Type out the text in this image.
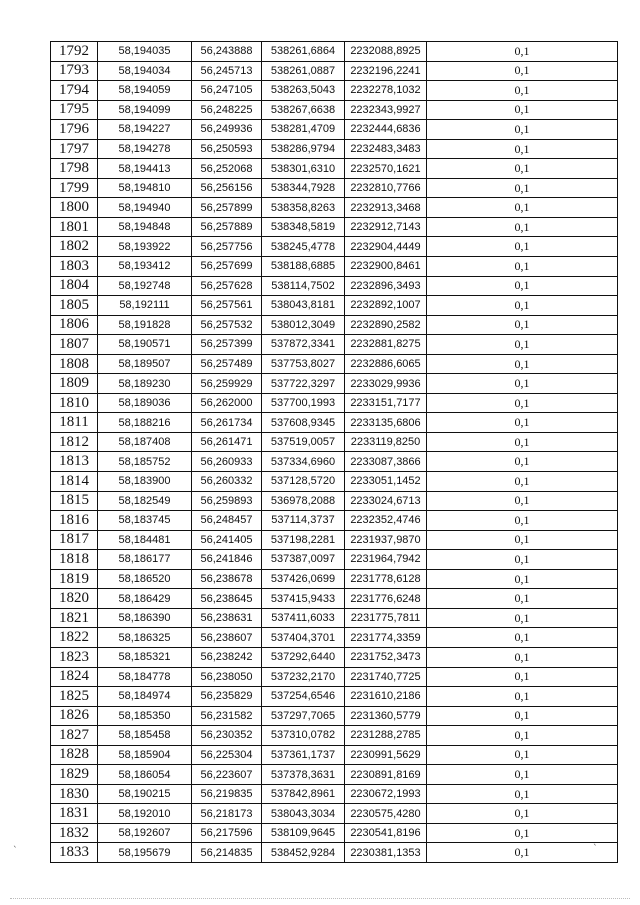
1792	58,194035	56,243888	538261,6864	2232088,8925	0,1
1793	58,194034	56,245713	538261,0887	2232196,2241	0,1
1794	58,194059	56,247105	538263,5043	2232278,1032	0,1
1795	58,194099	56,248225	538267,6638	2232343,9927	0,1
1796	58,194227	56,249936	538281,4709	2232444,6836	0,1
1797	58,194278	56,250593	538286,9794	2232483,3483	0,1
1798	58,194413	56,252068	538301,6310	2232570,1621	0,1
1799	58,194810	56,256156	538344,7928	2232810,7766	0,1
1800	58,194940	56,257899	538358,8263	2232913,3468	0,1
1801	58,194848	56,257889	538348,5819	2232912,7143	0,1
1802	58,193922	56,257756	538245,4778	2232904,4449	0,1
1803	58,193412	56,257699	538188,6885	2232900,8461	0,1
1804	58,192748	56,257628	538114,7502	2232896,3493	0,1
1805	58,192111	56,257561	538043,8181	2232892,1007	0,1
1806	58,191828	56,257532	538012,3049	2232890,2582	0,1
1807	58,190571	56,257399	537872,3341	2232881,8275	0,1
1808	58,189507	56,257489	537753,8027	2232886,6065	0,1
1809	58,189230	56,259929	537722,3297	2233029,9936	0,1
1810	58,189036	56,262000	537700,1993	2233151,7177	0,1
1811	58,188216	56,261734	537608,9345	2233135,6806	0,1
1812	58,187408	56,261471	537519,0057	2233119,8250	0,1
1813	58,185752	56,260933	537334,6960	2233087,3866	0,1
1814	58,183900	56,260332	537128,5720	2233051,1452	0,1
1815	58,182549	56,259893	536978,2088	2233024,6713	0,1
1816	58,183745	56,248457	537114,3737	2232352,4746	0,1
1817	58,184481	56,241405	537198,2281	2231937,9870	0,1
1818	58,186177	56,241846	537387,0097	2231964,7942	0,1
1819	58,186520	56,238678	537426,0699	2231778,6128	0,1
1820	58,186429	56,238645	537415,9433	2231776,6248	0,1
1821	58,186390	56,238631	537411,6033	2231775,7811	0,1
1822	58,186325	56,238607	537404,3701	2231774,3359	0,1
1823	58,185321	56,238242	537292,6440	2231752,3473	0,1
1824	58,184778	56,238050	537232,2170	2231740,7725	0,1
1825	58,184974	56,235829	537254,6546	2231610,2186	0,1
1826	58,185350	56,231582	537297,7065	2231360,5779	0,1
1827	58,185458	56,230352	537310,0782	2231288,2785	0,1
1828	58,185904	56,225304	537361,1737	2230991,5629	0,1
1829	58,186054	56,223607	537378,3631	2230891,8169	0,1
1830	58,190215	56,219835	537842,8961	2230672,1993	0,1
1831	58,192010	56,218173	538043,3034	2230575,4280	0,1
1832	58,192607	56,217596	538109,9645	2230541,8196	0,1
1833	58,195679	56,214835	538452,9284	2230381,1353	0,1
`	`
